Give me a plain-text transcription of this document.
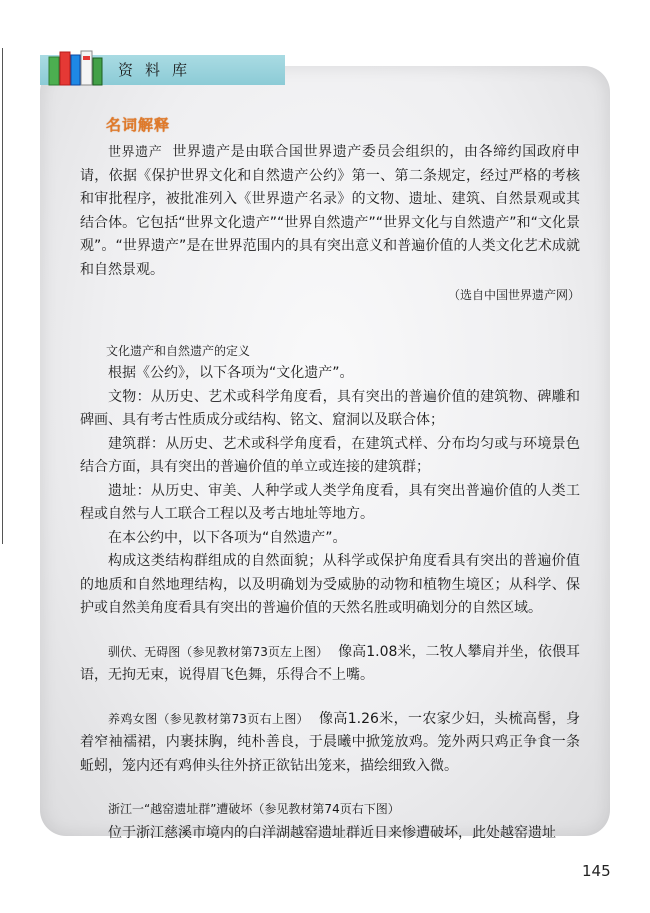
资料库
名词解释

世界遗产 世界遗产是由联合国世界遗产委员会组织的，由各缔约国政府申请，依据《保护世界文化和自然遗产公约》第一、第二条规定，经过严格的考核和审批程序，被批准列入《世界遗产名录》的文物、遗址、建筑、自然景观或其结合体。它包括“世界文化遗产”“世界自然遗产”“世界文化与自然遗产”和“文化景观”。“世界遗产”是在世界范围内的具有突出意义和普遍价值的人类文化艺术成就和自然景观。

（选自中国世界遗产网）
文化遗产和自然遗产的定义

根据《公约》，以下各项为“文化遗产”。

文物：从历史、艺术或科学角度看，具有突出的普遍价值的建筑物、碑雕和碑画、具有考古性质成分或结构、铭文、窟洞以及联合体；

建筑群：从历史、艺术或科学角度看，在建筑式样、分布均匀或与环境景色结合方面，具有突出的普遍价值的单立或连接的建筑群；

遗址：从历史、审美、人种学或人类学角度看，具有突出普遍价值的人类工程或自然与人工联合工程以及考古地址等地方。

在本公约中，以下各项为“自然遗产”。

构成这类结构群组成的自然面貌；从科学或保护角度看具有突出的普遍价值的地质和自然地理结构，以及明确划为受威胁的动物和植物生境区；从科学、保护或自然美角度看具有突出的普遍价值的天然名胜或明确划分的自然区域。

驯伏、无碍图（参见教材第73页左上图） 像高1.08米，二牧人攀肩并坐，依偎耳语，无拘无束，说得眉飞色舞，乐得合不上嘴。

养鸡女图（参见教材第73页右上图） 像高1.26米，一农家少妇，头梳高髻，身着窄袖襦裙，内裹抹胸，纯朴善良，于晨曦中掀笼放鸡。笼外两只鸡正争食一条蚯蚓，笼内还有鸡伸头往外挤正欲钻出笼来，描绘细致入微。

浙江一“越窑遗址群”遭破坏（参见教材第74页右下图）
位于浙江慈溪市境内的白洋湖越窑遗址群近日来惨遭破坏，此处越窑遗址

145
